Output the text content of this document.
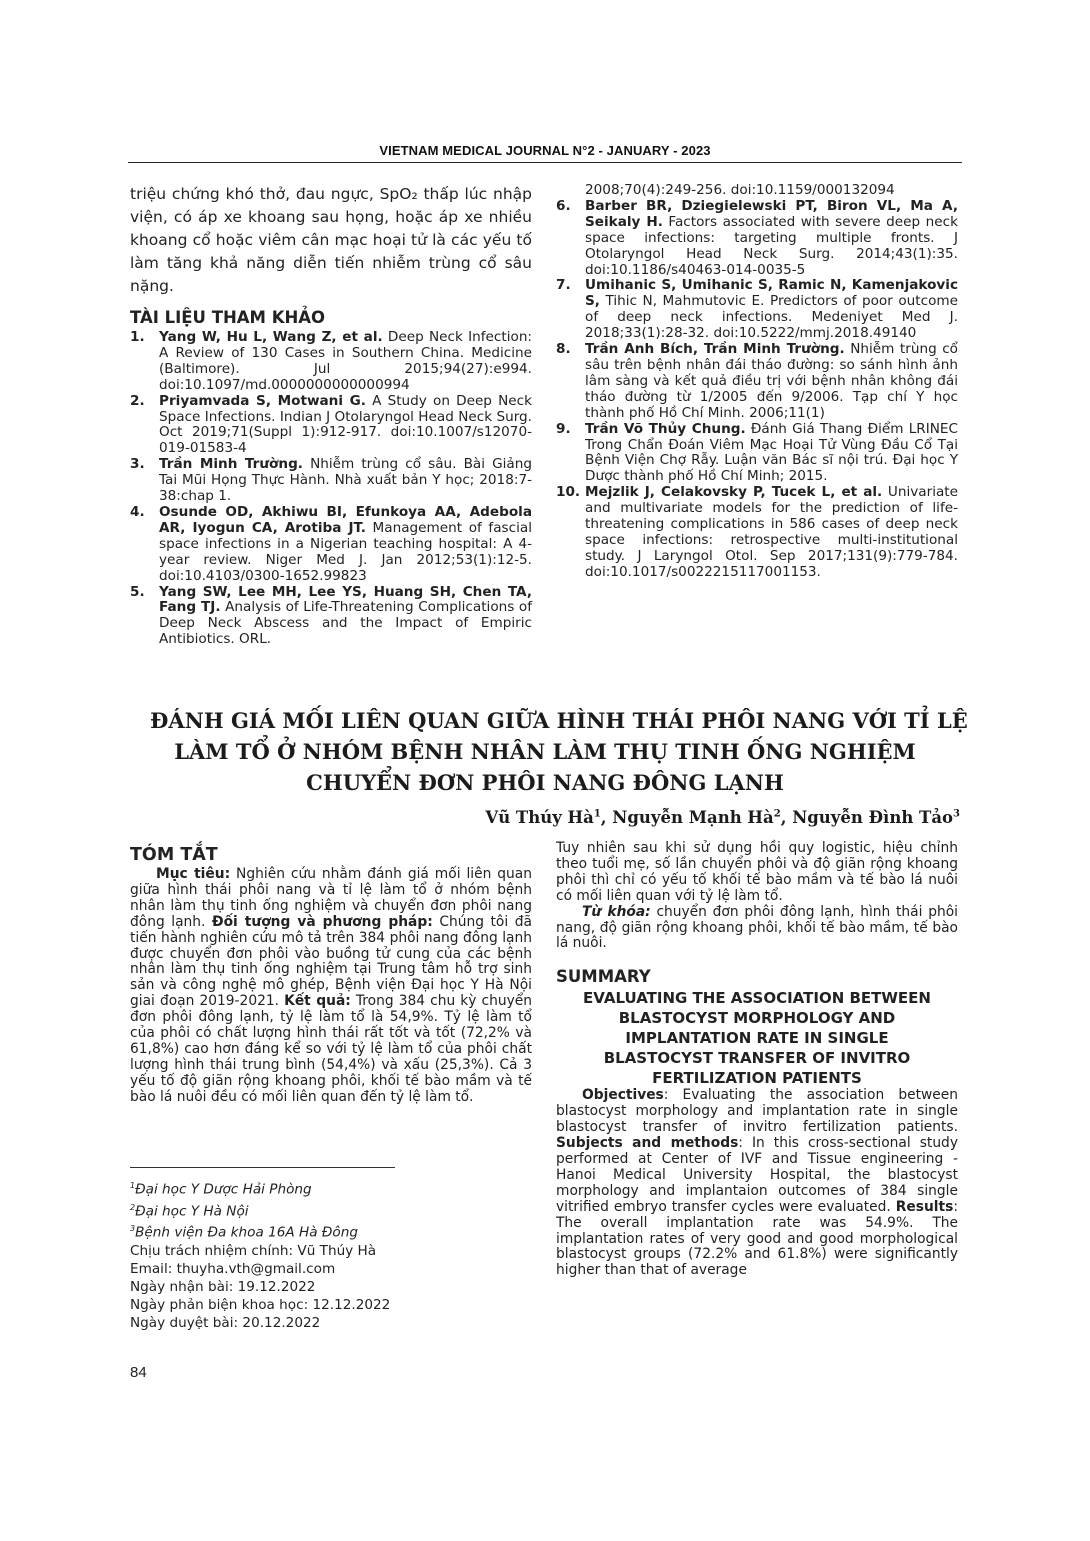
VIETNAM MEDICAL JOURNAL N°2 - JANUARY - 2023
triệu chứng khó thở, đau ngực, SpO₂ thấp lúc nhập viện, có áp xe khoang sau họng, hoặc áp xe nhiều khoang cổ hoặc viêm cân mạc hoại tử là các yếu tố làm tăng khả năng diễn tiến nhiễm trùng cổ sâu nặng.
TÀI LIỆU THAM KHẢO
1.	Yang W, Hu L, Wang Z, et al. Deep Neck Infection: A Review of 130 Cases in Southern China. Medicine (Baltimore). Jul 2015;94(27):e994. doi:10.1097/md.0000000000000994
2.	Priyamvada S, Motwani G. A Study on Deep Neck Space Infections. Indian J Otolaryngol Head Neck Surg. Oct 2019;71(Suppl 1):912-917. doi:10.1007/s12070-019-01583-4
3.	Trần Minh Trường. Nhiễm trùng cổ sâu. Bài Giảng Tai Mũi Họng Thực Hành. Nhà xuất bản Y học; 2018:7-38:chap 1.
4.	Osunde OD, Akhiwu BI, Efunkoya AA, Adebola AR, Iyogun CA, Arotiba JT. Management of fascial space infections in a Nigerian teaching hospital: A 4-year review. Niger Med J. Jan 2012;53(1):12-5. doi:10.4103/0300-1652.99823
5.	Yang SW, Lee MH, Lee YS, Huang SH, Chen TA, Fang TJ. Analysis of Life-Threatening Complications of Deep Neck Abscess and the Impact of Empiric Antibiotics. ORL.
2008;70(4):249-256. doi:10.1159/000132094
6.	Barber BR, Dziegielewski PT, Biron VL, Ma A, Seikaly H. Factors associated with severe deep neck space infections: targeting multiple fronts. J Otolaryngol Head Neck Surg. 2014;43(1):35. doi:10.1186/s40463-014-0035-5
7.	Umihanic S, Umihanic S, Ramic N, Kamenjakovic S, Tihic N, Mahmutovic E. Predictors of poor outcome of deep neck infections. Medeniyet Med J. 2018;33(1):28-32. doi:10.5222/mmj.2018.49140
8.	Trần Anh Bích, Trần Minh Trường. Nhiễm trùng cổ sâu trên bệnh nhân đái tháo đường: so sánh hình ảnh lâm sàng và kết quả điều trị với bệnh nhân không đái tháo đường từ 1/2005 đến 9/2006. Tạp chí Y học thành phố Hồ Chí Minh. 2006;11(1)
9.	Trần Võ Thủy Chung. Đánh Giá Thang Điểm LRINEC Trong Chẩn Đoán Viêm Mạc Hoại Tử Vùng Đầu Cổ Tại Bệnh Viện Chợ Rẫy. Luận văn Bác sĩ nội trú. Đại học Y Dược thành phố Hồ Chí Minh; 2015.
10. Mejzlik J, Celakovsky P, Tucek L, et al. Univariate and multivariate models for the prediction of life-threatening complications in 586 cases of deep neck space infections: retrospective multi-institutional study. J Laryngol Otol. Sep 2017;131(9):779-784. doi:10.1017/s0022215117001153.
ĐÁNH GIÁ MỐI LIÊN QUAN GIỮA HÌNH THÁI PHÔI NANG VỚI TỈ LỆ
LÀM TỔ Ở NHÓM BỆNH NHÂN LÀM THỤ TINH ỐNG NGHIỆM
CHUYỂN ĐƠN PHÔI NANG ĐÔNG LẠNH
Vũ Thúy $Hà^1$, Nguyễn Mạnh $Hà^2$, Nguyễn Đình Tảo$^3$
TÓM TẮT
Mục tiêu: Nghiên cứu nhằm đánh giá mối liên quan giữa hình thái phôi nang và tỉ lệ làm tổ ở nhóm bệnh nhân làm thụ tinh ống nghiệm và chuyển đơn phôi nang đông lạnh. Đối tượng và phương pháp: Chúng tôi đã tiến hành nghiên cứu mô tả trên 384 phôi nang đông lạnh được chuyển đơn phôi vào buồng tử cung của các bệnh nhân làm thụ tinh ống nghiệm tại Trung tâm hỗ trợ sinh sản và công nghệ mô ghép, Bệnh viện Đại học Y Hà Nội giai đoạn 2019-2021. Kết quả: Trong 384 chu kỳ chuyển đơn phôi đông lạnh, tỷ lệ làm tổ là 54,9%. Tỷ lệ làm tổ của phôi có chất lượng hình thái rất tốt và tốt (72,2% và 61,8%) cao hơn đáng kể so với tỷ lệ làm tổ của phôi chất lượng hình thái trung bình (54,4%) và xấu (25,3%). Cả 3 yếu tố độ giãn rộng khoang phôi, khối tế bào mầm và tế bào lá nuôi đều có mối liên quan đến tỷ lệ làm tổ.
Tuy nhiên sau khi sử dụng hồi quy logistic, hiệu chỉnh theo tuổi mẹ, số lần chuyển phôi và độ giãn rộng khoang phôi thì chỉ có yếu tố khối tế bào mầm và tế bào lá nuôi có mối liên quan với tỷ lệ làm tổ.
Từ khóa: chuyển đơn phôi đông lạnh, hình thái phôi nang, độ giãn rộng khoang phôi, khối tế bào mầm, tế bào lá nuôi.
SUMMARY
EVALUATING THE ASSOCIATION BETWEEN
BLASTOCYST MORPHOLOGY AND
IMPLANTATION RATE IN SINGLE
BLASTOCYST TRANSFER OF INVITRO
FERTILIZATION PATIENTS
Objectives: Evaluating the association between blastocyst morphology and implantation rate in single blastocyst transfer of invitro fertilization patients. Subjects and methods: In this cross-sectional study performed at Center of IVF and Tissue engineering - Hanoi Medical University Hospital, the blastocyst morphology and implantaion outcomes of 384 single vitrified embryo transfer cycles were evaluated. Results: The overall implantation rate was 54.9%. The implantation rates of very good and good morphological blastocyst groups (72.2% and 61.8%) were significantly higher than that of average
$^1$Đại học Y Dược Hải Phòng
$^2$Đại học Y Hà Nội
$^3$Bệnh viện Đa khoa 16A Hà Đông
Chịu trách nhiệm chính: Vũ Thúy Hà
Email: thuyha.vth@gmail.com
Ngày nhận bài: 19.12.2022
Ngày phản biện khoa học: 12.12.2022
Ngày duyệt bài: 20.12.2022
84
